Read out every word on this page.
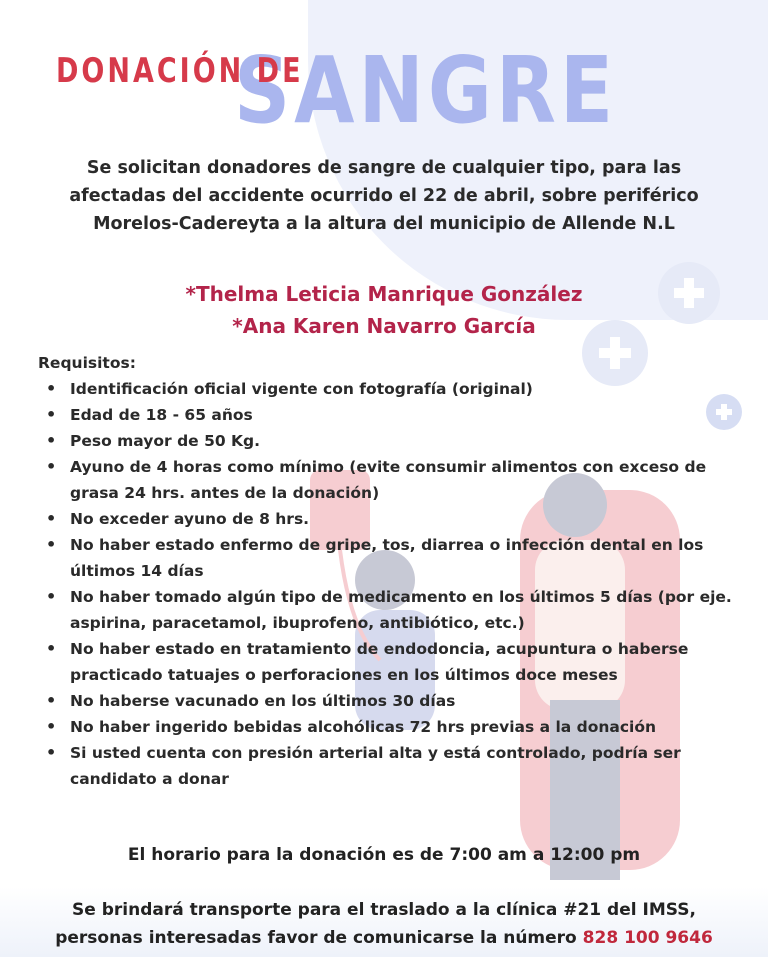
SANGRE
DONACIÓN DE
Se solicitan donadores de sangre de cualquier tipo, para las
afectadas del accidente ocurrido el 22 de abril, sobre periférico
Morelos-Cadereyta a la altura del municipio de Allende N.L
*Thelma Leticia Manrique González
*Ana Karen Navarro García
Requisitos:
• Identificación oficial vigente con fotografía (original)
• Edad de 18 - 65 años
• Peso mayor de 50 Kg.
• Ayuno de 4 horas como mínimo (evite consumir alimentos con exceso de grasa 24 hrs. antes de la donación)
• No exceder ayuno de 8 hrs.
• No haber estado enfermo de gripe, tos, diarrea o infección dental en los últimos 14 días
• No haber tomado algún tipo de medicamento en los últimos 5 días (por eje. aspirina, paracetamol, ibuprofeno, antibiótico, etc.)
• No haber estado en tratamiento de endodoncia, acupuntura o haberse practicado tatuajes o perforaciones en los últimos doce meses
• No haberse vacunado en los últimos 30 días
• No haber ingerido bebidas alcohólicas 72 hrs previas a la donación
• Si usted cuenta con presión arterial alta y está controlado, podría ser candidato a donar
El horario para la donación es de 7:00 am a 12:00 pm
Se brindará transporte para el traslado a la clínica #21 del IMSS,
personas interesadas favor de comunicarse la número 828 100 9646
